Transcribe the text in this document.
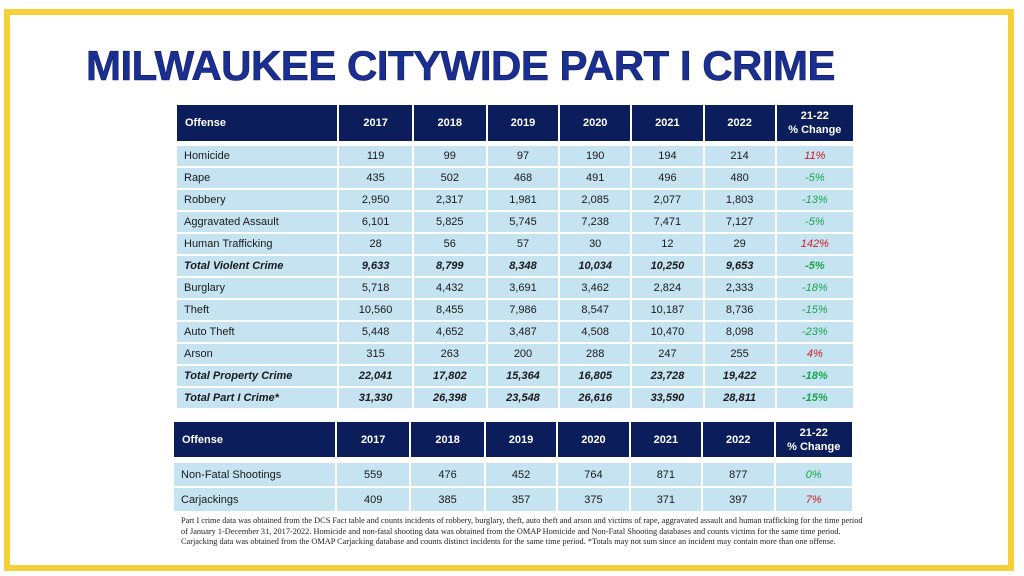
MILWAUKEE CITYWIDE PART I CRIME
Offense	2017	2018	2019	2020	2021	2022	21-22
% Change

Homicide	119	99	97	190	194	214	11%
Rape	435	502	468	491	496	480	-5%
Robbery	2,950	2,317	1,981	2,085	2,077	1,803	-13%
Aggravated Assault	6,101	5,825	5,745	7,238	7,471	7,127	-5%
Human Trafficking	28	56	57	30	12	29	142%
Total Violent Crime	9,633	8,799	8,348	10,034	10,250	9,653	-5%
Burglary	5,718	4,432	3,691	3,462	2,824	2,333	-18%
Theft	10,560	8,455	7,986	8,547	10,187	8,736	-15%
Auto Theft	5,448	4,652	3,487	4,508	10,470	8,098	-23%
Arson	315	263	200	288	247	255	4%
Total Property Crime	22,041	17,802	15,364	16,805	23,728	19,422	-18%
Total Part I Crime*	31,330	26,398	23,548	26,616	33,590	28,811	-15%
Offense	2017	2018	2019	2020	2021	2022	21-22
% Change

Non-Fatal Shootings	559	476	452	764	871	877	0%
Carjackings	409	385	357	375	371	397	7%
Part I crime data was obtained from the DCS Fact table and counts incidents of robbery, burglary, theft, auto theft and arson and victims of rape, aggravated assault and human trafficking for the time period of January 1-December 31, 2017-2022. Homicide and non-fatal shooting data was obtained from the OMAP Homicide and Non-Fatal Shooting databases and counts victims for the same time period. Carjacking data was obtained from the OMAP Carjacking database and counts distinct incidents for the same time period. *Totals may not sum since an incident may contain more than one offense.
